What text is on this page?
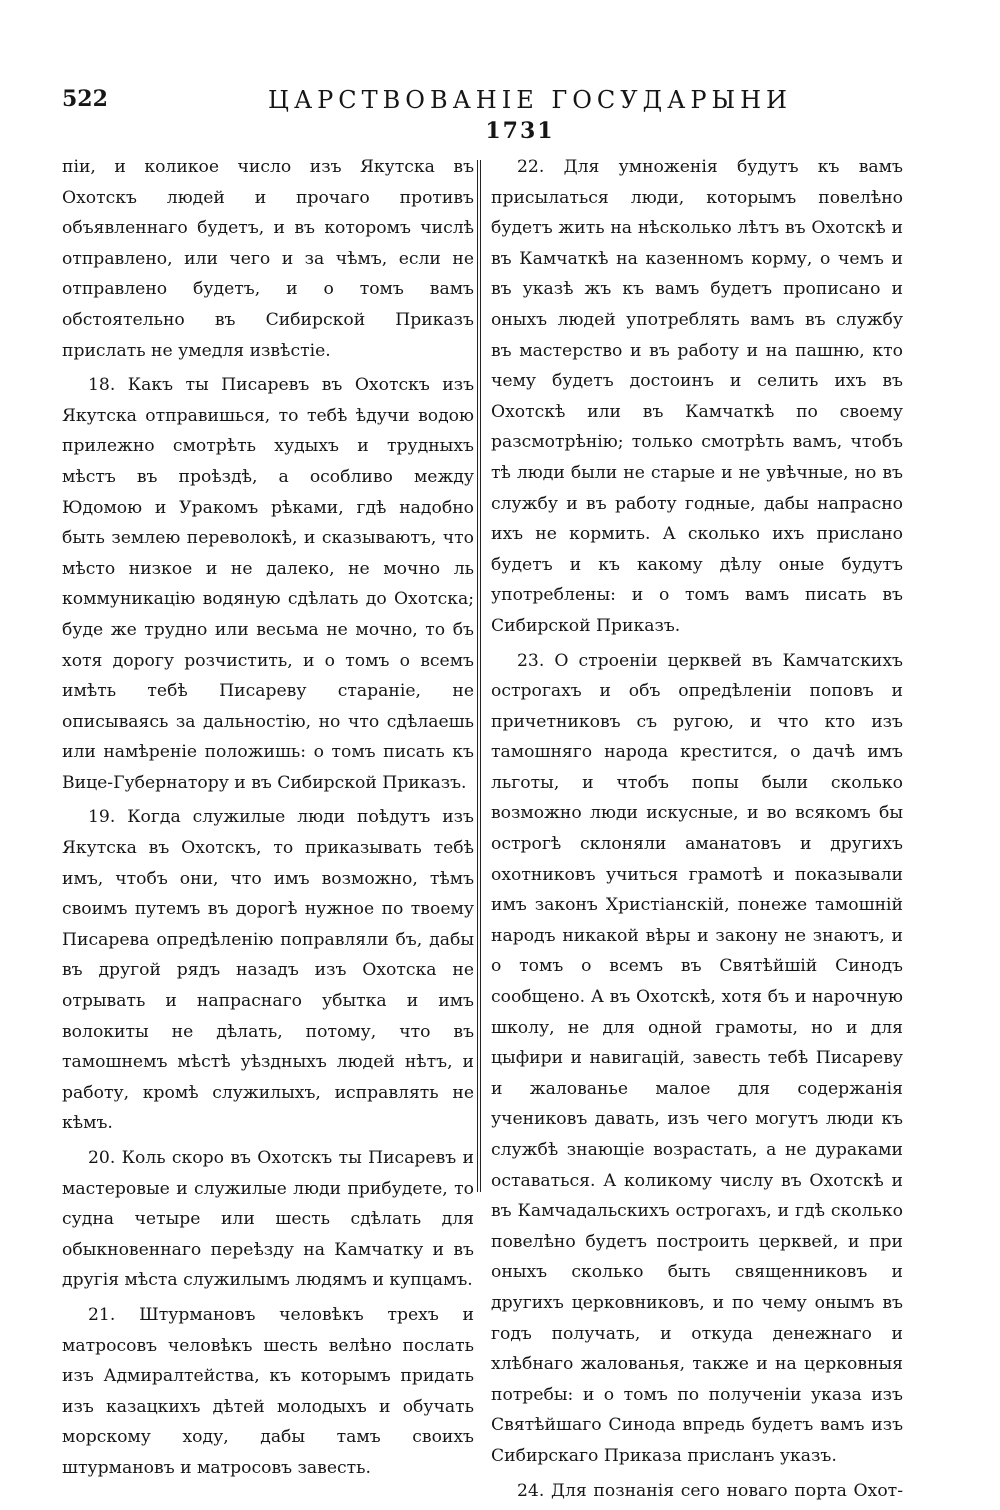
522	ЦАРСТВОВАНІЕ ГОСУДАРЫНИ
1731

піи, и коликое число изъ Якутска въ Охотскъ людей и прочаго противъ объявленнаго будетъ, и въ которомъ числѣ отправлено, или чего и за чѣмъ, если не отправлено будетъ, и о томъ вамъ обстоятельно въ Сибирской Приказъ прислать не умедля извѣстіе.

18. Какъ ты Писаревъ въ Охотскъ изъ Якутска отправишься, то тебѣ ѣдучи водою прилежно смотрѣть худыхъ и трудныхъ мѣстъ въ проѣздѣ, а особливо между Юдомою и Уракомъ рѣками, гдѣ надобно быть землею переволокѣ, и сказываютъ, что мѣсто низкое и не далеко, не мочно ль коммуникацію водяную сдѣлать до Охотска; буде же трудно или весьма не мочно, то бъ хотя дорогу розчистить, и о томъ о всемъ имѣть тебѣ Писареву стараніе, не описываясь за дальностію, но что сдѣлаешь или намѣреніе положишь: о томъ писать къ Вице-Губернатору и въ Сибирской Приказъ.

19. Когда служилые люди поѣдутъ изъ Якутска въ Охотскъ, то приказывать тебѣ имъ, чтобъ они, что имъ возможно, тѣмъ своимъ путемъ въ дорогѣ нужное по твоему Писарева опредѣленію поправляли бъ, дабы въ другой рядъ назадъ изъ Охотска не отрывать и напраснаго убытка и имъ волокиты не дѣлать, потому, что въ тамошнемъ мѣстѣ уѣздныхъ людей нѣтъ, и работу, кромѣ служилыхъ, исправлять не кѣмъ.

20. Коль скоро въ Охотскъ ты Писаревъ и мастеровые и служилые люди прибудете, то судна четыре или шесть сдѣлать для обыкновеннаго переѣзду на Камчатку и въ другія мѣста служилымъ людямъ и купцамъ.

21. Штурмановъ человѣкъ трехъ и матросовъ человѣкъ шесть велѣно послать изъ Адмиралтейства, къ которымъ придать изъ казацкихъ дѣтей молодыхъ и обучать морскому ходу, дабы тамъ своихъ штурмановъ и матросовъ завесть.

22. Для умноженія будутъ къ вамъ присылаться люди, которымъ повелѣно будетъ жить на нѣсколько лѣтъ въ Охотскѣ и въ Камчаткѣ на казенномъ корму, о чемъ и въ указѣ жъ къ вамъ будетъ прописано и оныхъ людей употреблять вамъ въ службу въ мастерство и въ работу и на пашню, кто чему будетъ достоинъ и селить ихъ въ Охотскѣ или въ Камчаткѣ по своему разсмотрѣнію; только смотрѣть вамъ, чтобъ тѣ люди были не старые и не увѣчные, но въ службу и въ работу годные, дабы напрасно ихъ не кормить. А сколько ихъ прислано будетъ и къ какому дѣлу оные будутъ употреблены: и о томъ вамъ писать въ Сибирской Приказъ.

23. О строеніи церквей въ Камчатскихъ острогахъ и объ опредѣленіи поповъ и причетниковъ съ ругою, и что кто изъ тамошняго народа крестится, о дачѣ имъ льготы, и чтобъ попы были сколько возможно люди искусные, и во всякомъ бы острогѣ склоняли аманатовъ и другихъ охотниковъ учиться грамотѣ и показывали имъ законъ Христіанскій, понеже тамошній народъ никакой вѣры и закону не знаютъ, и о томъ о всемъ въ Святѣйшій Синодъ сообщено. А въ Охотскѣ, хотя бъ и нарочную школу, не для одной грамоты, но и для цыфири и навигацій, завесть тебѣ Писареву и жалованье малое для содержанія учениковъ давать, изъ чего могутъ люди къ службѣ знающіе возрастать, а не дураками оставаться. А коликому числу въ Охотскѣ и въ Камчадальскихъ острогахъ, и гдѣ сколько повелѣно будетъ построить церквей, и при оныхъ сколько быть священниковъ и другихъ церковниковъ, и по чему онымъ въ годъ получать, и откуда денежнаго и хлѣбнаго жалованья, также и на церковныя потребы: и о томъ по полученіи указа изъ Святѣйшаго Синода впредь будетъ вамъ изъ Сибирскаго Приказа присланъ указъ.

24. Для познанія сего новаго порта Охот-
